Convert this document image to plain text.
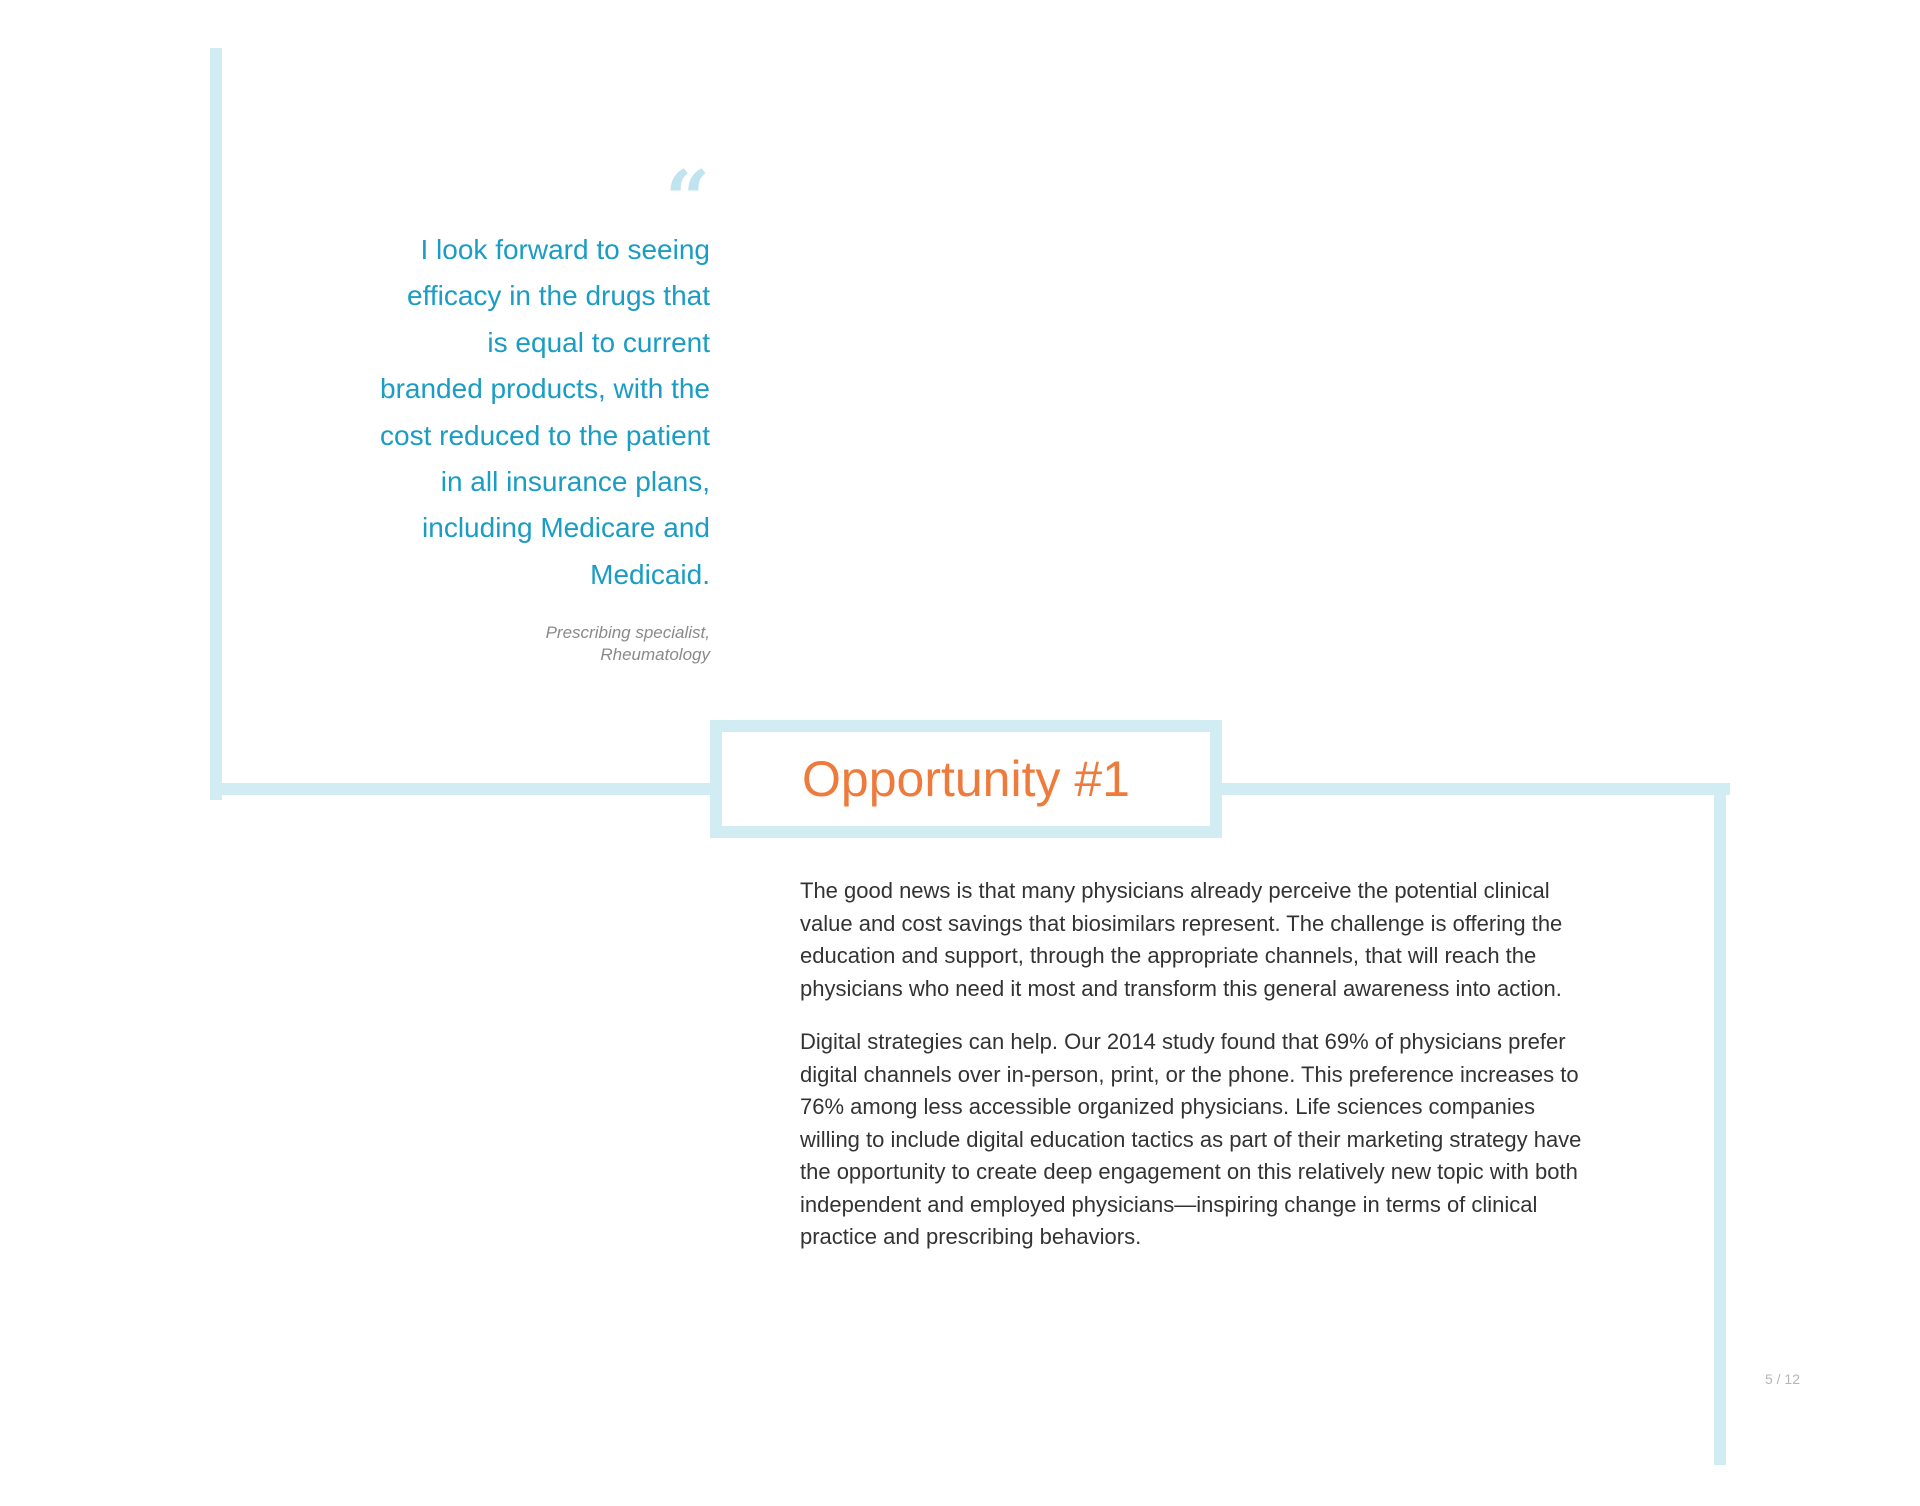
“

I look forward to seeing efficacy in the drugs that is equal to current branded products, with the cost reduced to the patient in all insurance plans, including Medicare and Medicaid.

Prescribing specialist,
Rheumatology
Opportunity #1

The good news is that many physicians already perceive the potential clinical value and cost savings that biosimilars represent. The challenge is offering the education and support, through the appropriate channels, that will reach the physicians who need it most and transform this general awareness into action.

Digital strategies can help. Our 2014 study found that 69% of physicians prefer digital channels over in-person, print, or the phone. This preference increases to 76% among less accessible organized physicians. Life sciences companies willing to include digital education tactics as part of their marketing strategy have the opportunity to create deep engagement on this relatively new topic with both independent and employed physicians—inspiring change in terms of clinical practice and prescribing behaviors.

5 / 12
